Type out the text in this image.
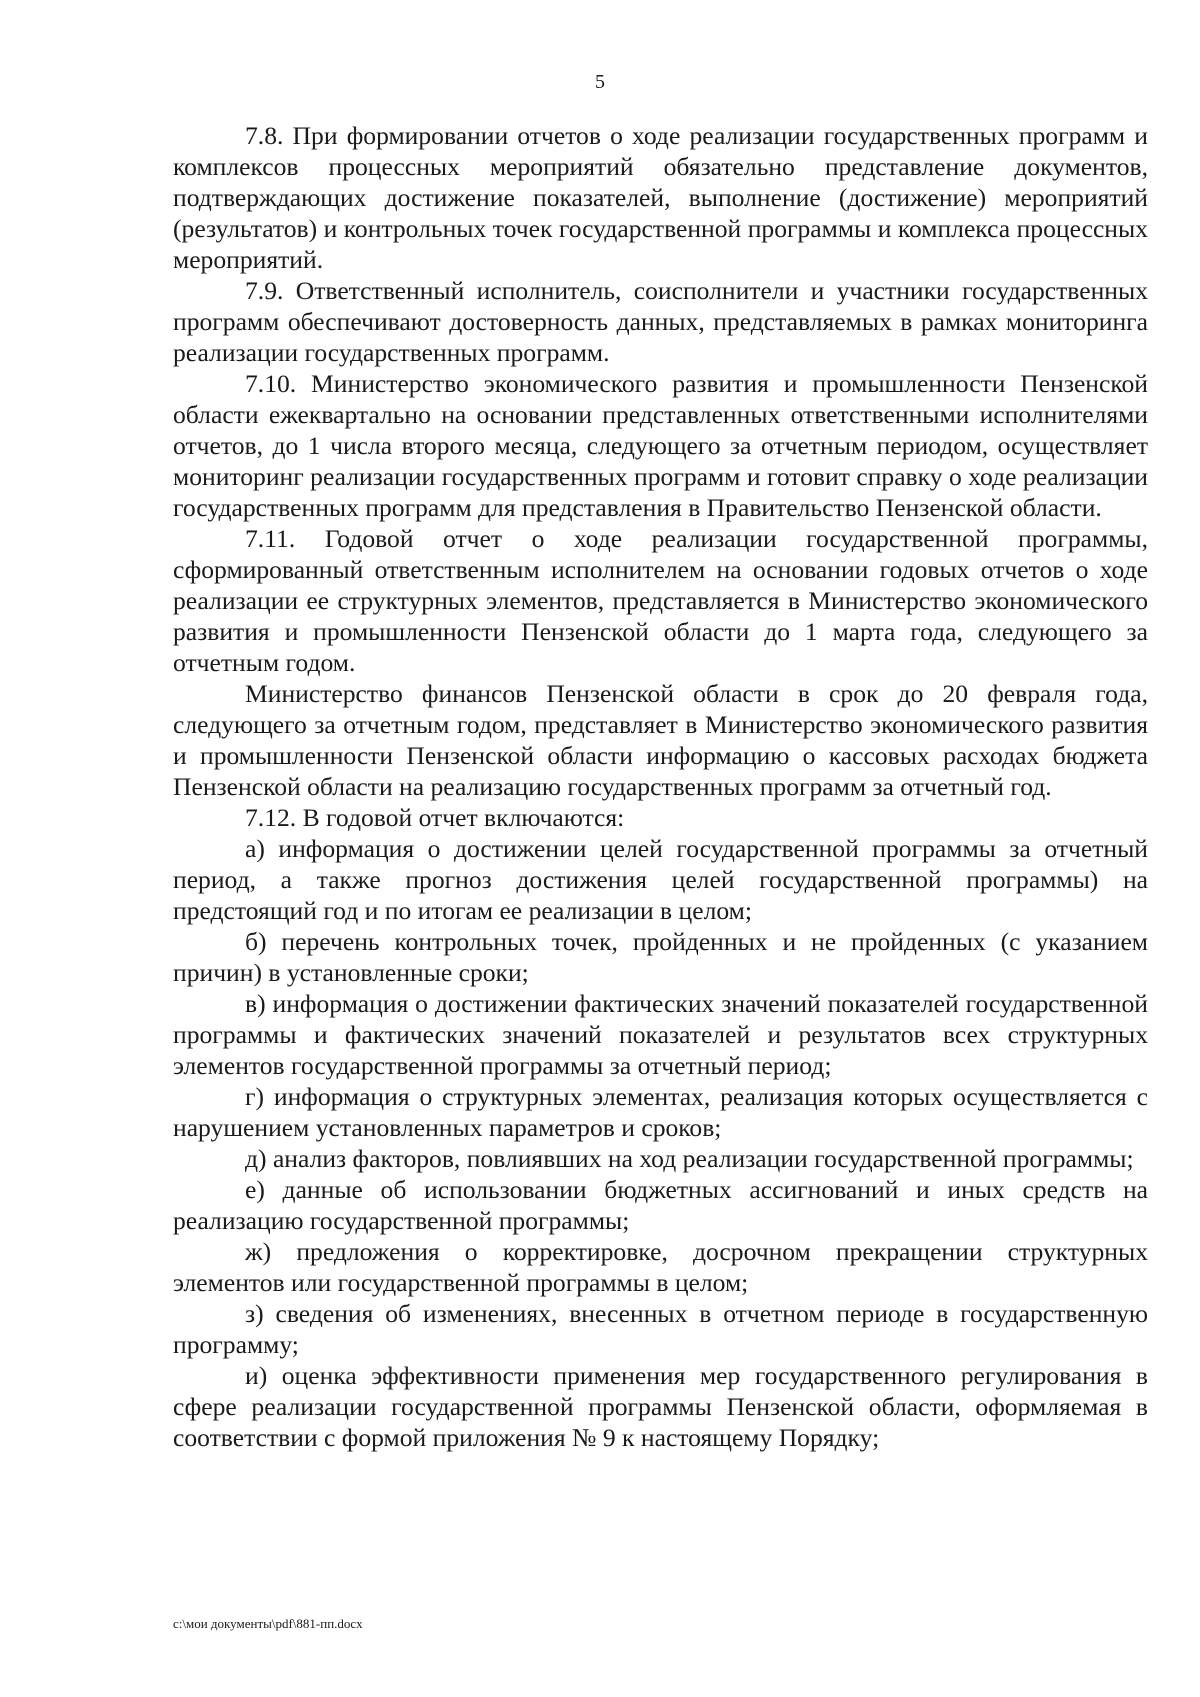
5

7.8. При формировании отчетов о ходе реализации государственных программ и комплексов процессных мероприятий обязательно представление документов, подтверждающих достижение показателей, выполнение (достижение) мероприятий (результатов) и контрольных точек государственной программы и комплекса процессных мероприятий.

7.9. Ответственный исполнитель, соисполнители и участники государственных программ обеспечивают достоверность данных, представляемых в рамках мониторинга реализации государственных программ.

7.10. Министерство экономического развития и промышленности Пензенской области ежеквартально на основании представленных ответственными исполнителями отчетов, до 1 числа второго месяца, следующего за отчетным периодом, осуществляет мониторинг реализации государственных программ и готовит справку о ходе реализации государственных программ для представления в Правительство Пензенской области.

7.11. Годовой отчет о ходе реализации государственной программы, сформированный ответственным исполнителем на основании годовых отчетов о ходе реализации ее структурных элементов, представляется в Министерство экономического развития и промышленности Пензенской области до 1 марта года, следующего за отчетным годом.

Министерство финансов Пензенской области в срок до 20 февраля года, следующего за отчетным годом, представляет в Министерство экономического развития и промышленности Пензенской области информацию о кассовых расходах бюджета Пензенской области на реализацию государственных программ за отчетный год.

7.12. В годовой отчет включаются:

а) информация о достижении целей государственной программы за отчетный период, а также прогноз достижения целей государственной программы) на предстоящий год и по итогам ее реализации в целом;

б) перечень контрольных точек, пройденных и не пройденных (с указанием причин) в установленные сроки;

в) информация о достижении фактических значений показателей государственной программы и фактических значений показателей и результатов всех структурных элементов государственной программы за отчетный период;

г) информация о структурных элементах, реализация которых осуществляется с нарушением установленных параметров и сроков;

д) анализ факторов, повлиявших на ход реализации государственной программы;

е) данные об использовании бюджетных ассигнований и иных средств на реализацию государственной программы;

ж) предложения о корректировке, досрочном прекращении структурных элементов или государственной программы в целом;

з) сведения об изменениях, внесенных в отчетном периоде в государственную программу;

и) оценка эффективности применения мер государственного регулирования в сфере реализации государственной программы Пензенской области, оформляемая в соответствии с формой приложения № 9 к настоящему Порядку;

c:\мои документы\pdf\881-пп.docx
